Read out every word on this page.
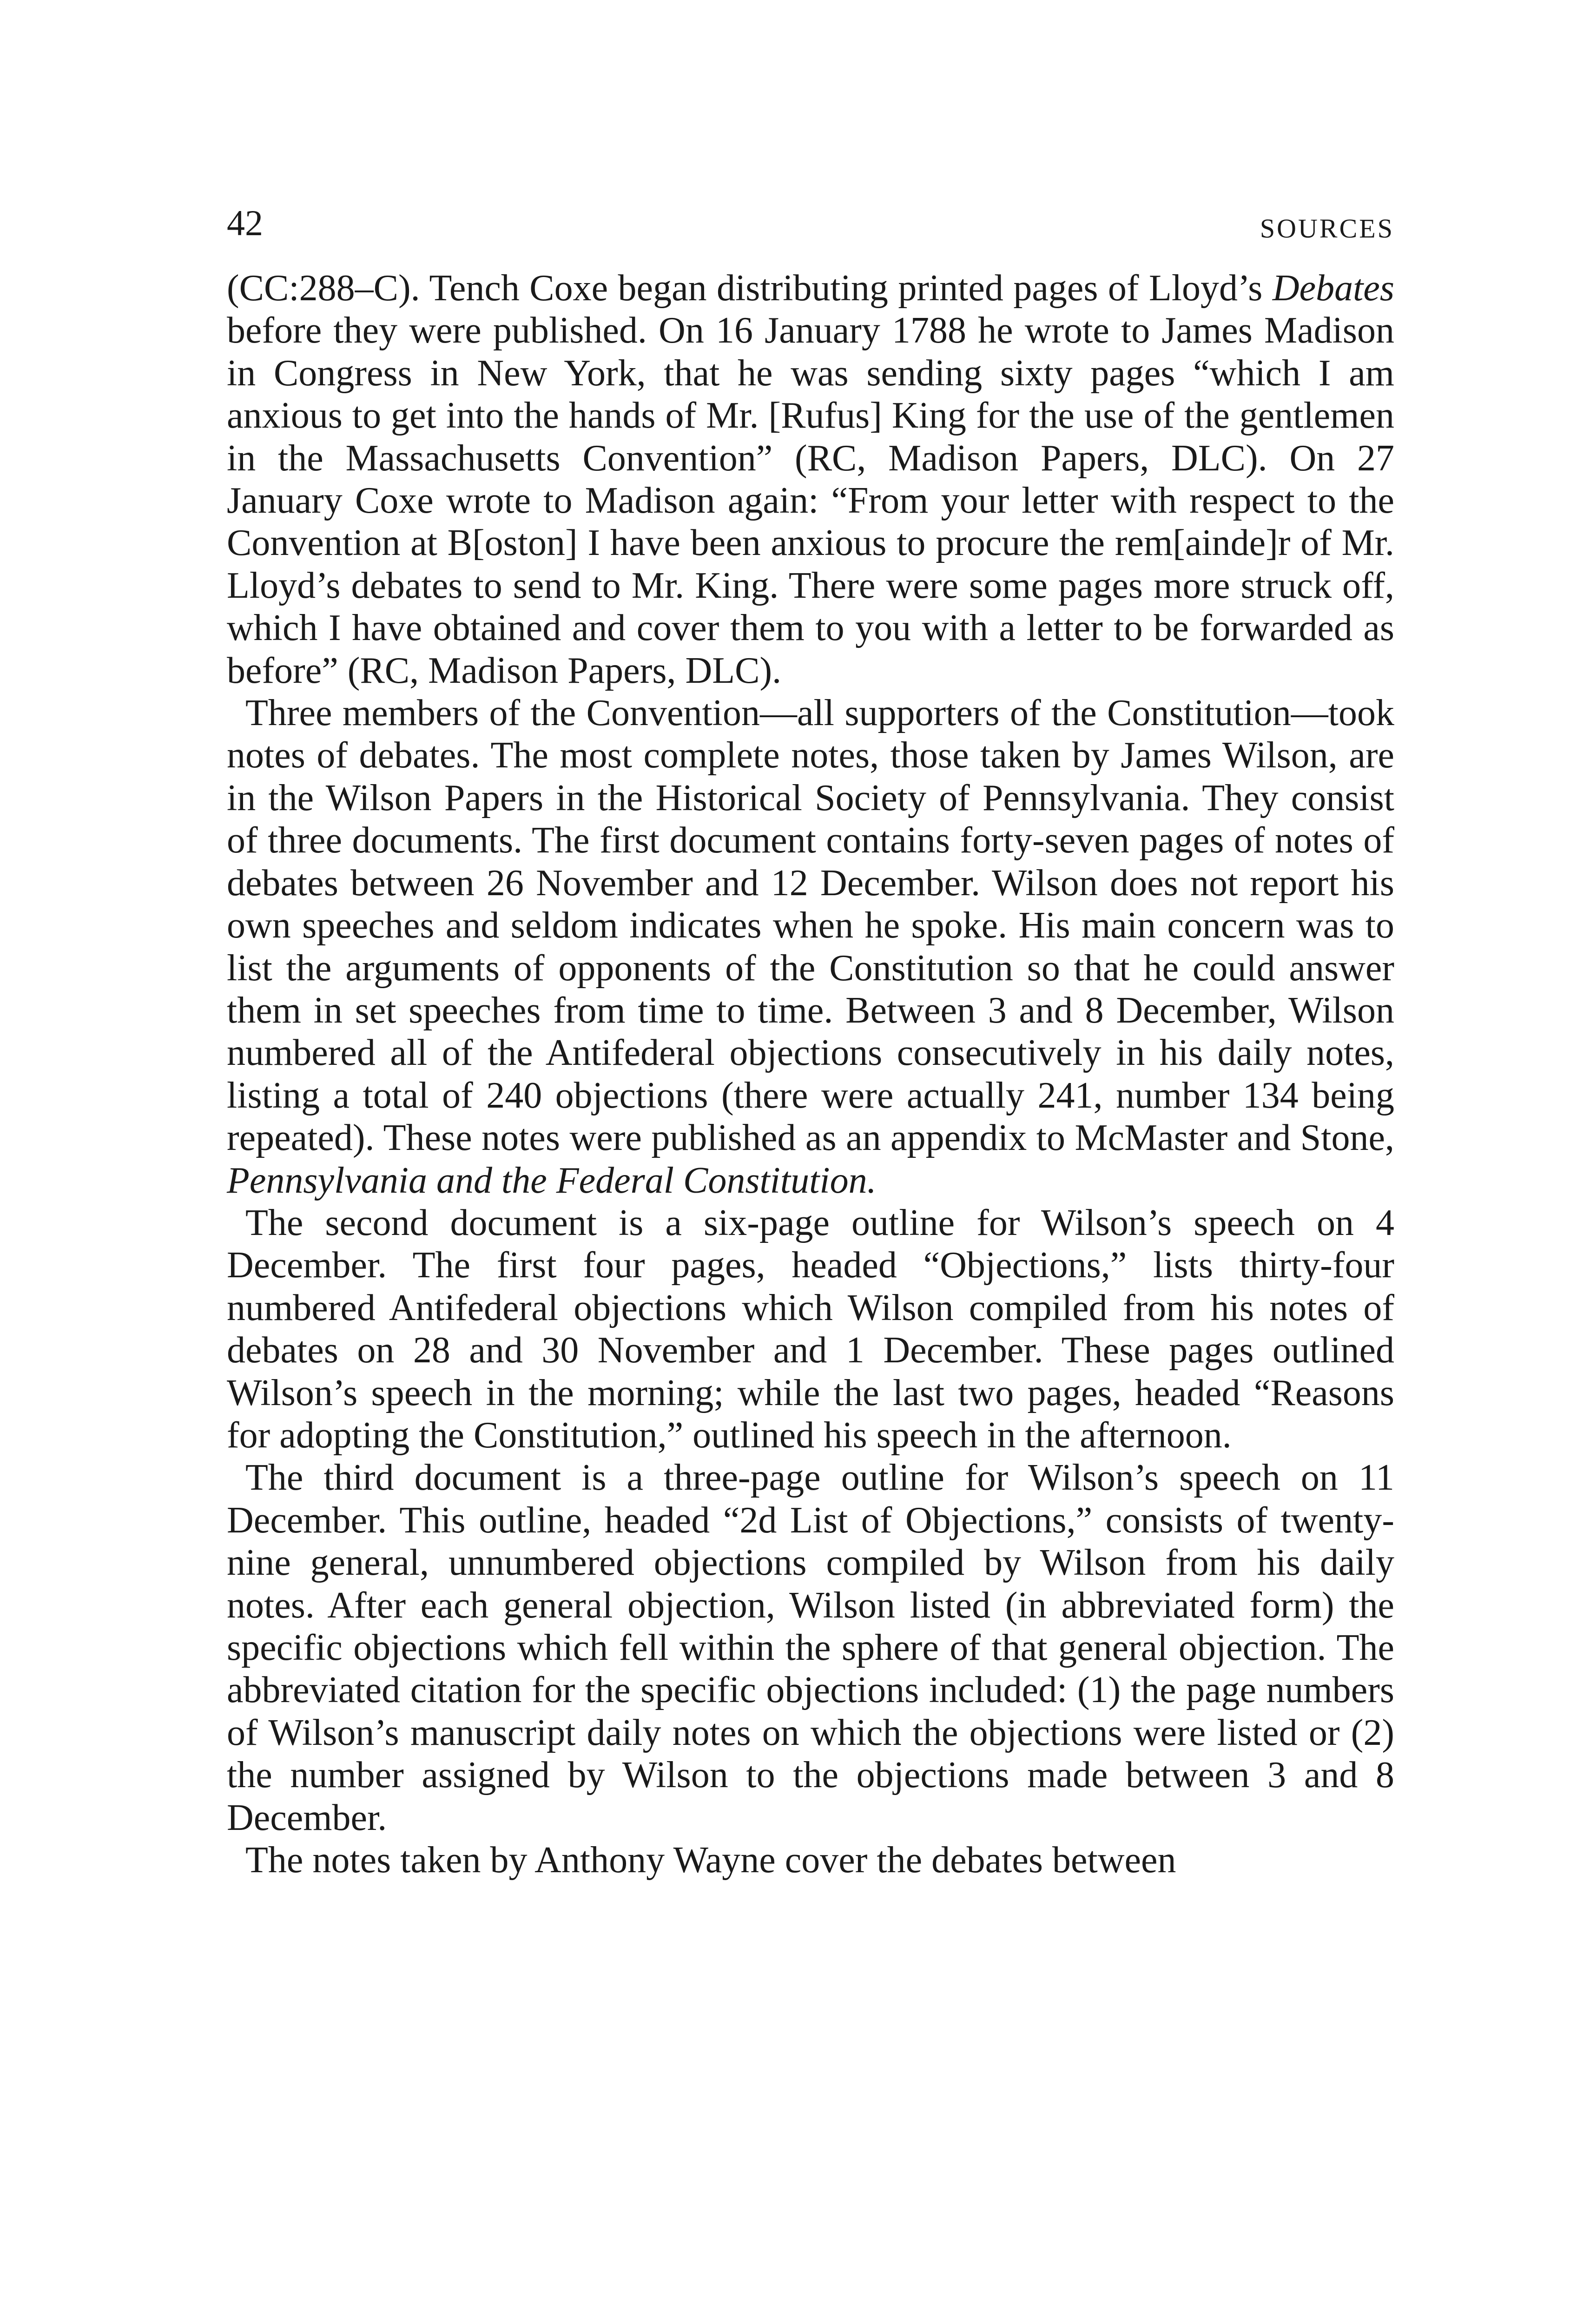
42	SOURCES

(CC:288–C). Tench Coxe began distributing printed pages of Lloyd’s Debates before they were published. On 16 January 1788 he wrote to James Madison in Congress in New York, that he was sending sixty pages “which I am anxious to get into the hands of Mr. [Rufus] King for the use of the gentlemen in the Massachusetts Convention” (RC, Madison Papers, DLC). On 27 January Coxe wrote to Madison again: “From your letter with respect to the Convention at B[oston] I have been anxious to procure the rem[ainde]r of Mr. Lloyd’s debates to send to Mr. King. There were some pages more struck off, which I have obtained and cover them to you with a letter to be forwarded as before” (RC, Madison Papers, DLC).

Three members of the Convention—all supporters of the Constitution—took notes of debates. The most complete notes, those taken by James Wilson, are in the Wilson Papers in the Historical Society of Pennsylvania. They consist of three documents. The first document contains forty-seven pages of notes of debates between 26 November and 12 December. Wilson does not report his own speeches and seldom indicates when he spoke. His main concern was to list the arguments of opponents of the Constitution so that he could answer them in set speeches from time to time. Between 3 and 8 December, Wilson numbered all of the Antifederal objections consecutively in his daily notes, listing a total of 240 objections (there were actually 241, number 134 being repeated). These notes were published as an appendix to McMaster and Stone, Pennsylvania and the Federal Constitution.

The second document is a six-page outline for Wilson’s speech on 4 December. The first four pages, headed “Objections,” lists thirty-four numbered Antifederal objections which Wilson compiled from his notes of debates on 28 and 30 November and 1 December. These pages outlined Wilson’s speech in the morning; while the last two pages, headed “Reasons for adopting the Constitution,” outlined his speech in the afternoon.

The third document is a three-page outline for Wilson’s speech on 11 December. This outline, headed “2d List of Objections,” consists of twenty-nine general, unnumbered objections compiled by Wilson from his daily notes. After each general objection, Wilson listed (in abbreviated form) the specific objections which fell within the sphere of that general objection. The abbreviated citation for the specific objections included: (1) the page numbers of Wilson’s manuscript daily notes on which the objections were listed or (2) the number assigned by Wilson to the objections made between 3 and 8 December.

The notes taken by Anthony Wayne cover the debates between
